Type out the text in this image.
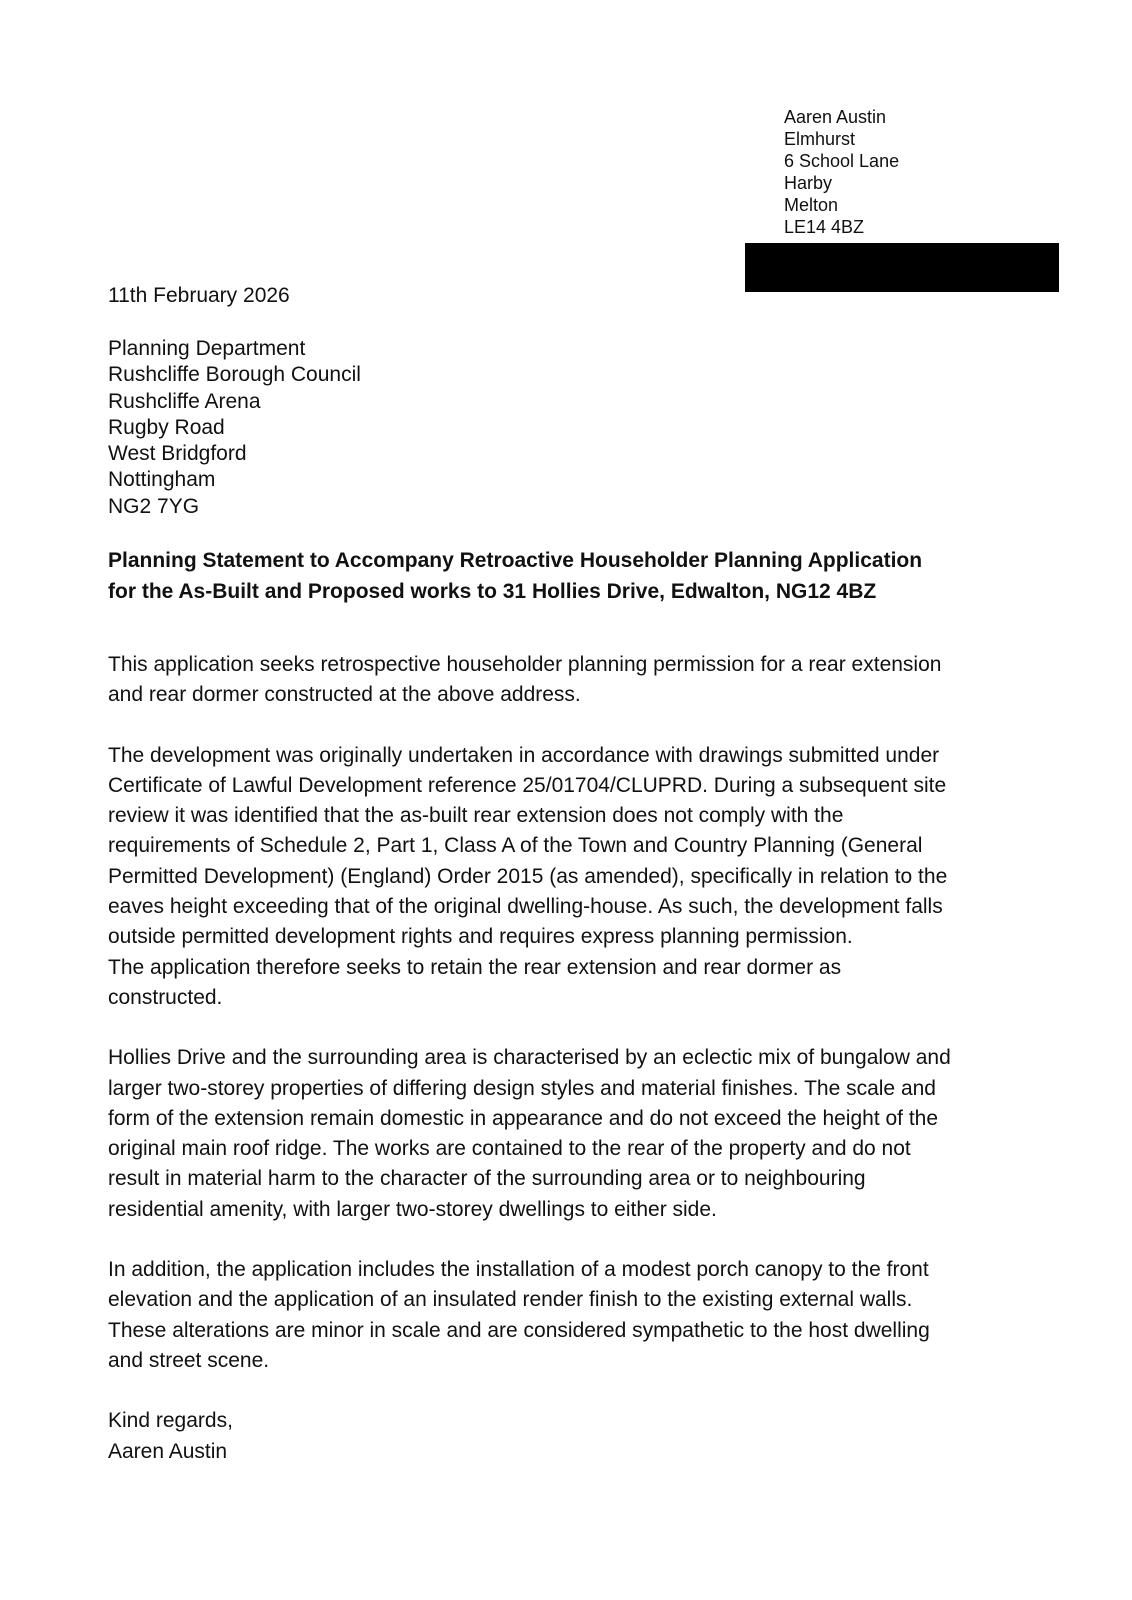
Aaren Austin
Elmhurst
6 School Lane
Harby
Melton
LE14 4BZ
11th February 2026
Planning Department
Rushcliffe Borough Council
Rushcliffe Arena
Rugby Road
West Bridgford
Nottingham
NG2 7YG
Planning Statement to Accompany Retroactive Householder Planning Application
for the As-Built and Proposed works to 31 Hollies Drive, Edwalton, NG12 4BZ
This application seeks retrospective householder planning permission for a rear extension
and rear dormer constructed at the above address.
The development was originally undertaken in accordance with drawings submitted under
Certificate of Lawful Development reference 25/01704/CLUPRD. During a subsequent site
review it was identified that the as-built rear extension does not comply with the
requirements of Schedule 2, Part 1, Class A of the Town and Country Planning (General
Permitted Development) (England) Order 2015 (as amended), specifically in relation to the
eaves height exceeding that of the original dwelling-house. As such, the development falls
outside permitted development rights and requires express planning permission.
The application therefore seeks to retain the rear extension and rear dormer as
constructed.
Hollies Drive and the surrounding area is characterised by an eclectic mix of bungalow and
larger two-storey properties of differing design styles and material finishes. The scale and
form of the extension remain domestic in appearance and do not exceed the height of the
original main roof ridge. The works are contained to the rear of the property and do not
result in material harm to the character of the surrounding area or to neighbouring
residential amenity, with larger two-storey dwellings to either side.
In addition, the application includes the installation of a modest porch canopy to the front
elevation and the application of an insulated render finish to the existing external walls.
These alterations are minor in scale and are considered sympathetic to the host dwelling
and street scene.
Kind regards,
Aaren Austin
